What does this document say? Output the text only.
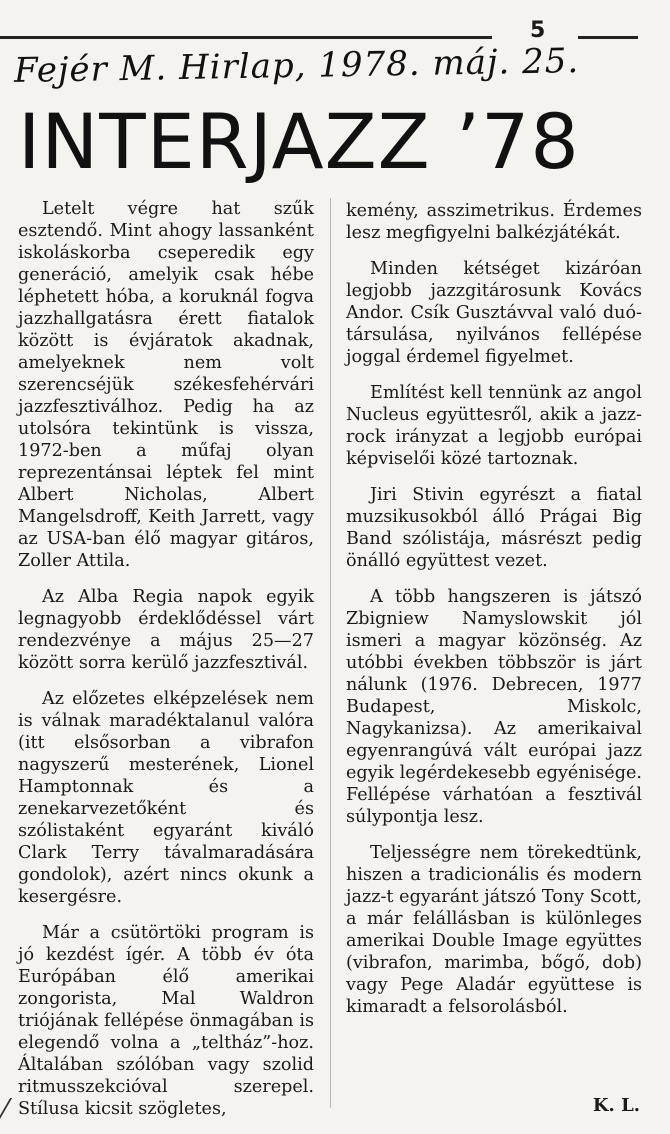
5
Fejér M. Hirlap, 1978. máj. 25.
INTERJAZZ ’78

Letelt végre hat szűk esztendő. Mint ahogy lassanként iskoláskorba cseperedik egy generáció, amelyik csak hébe léphetett hóba, a koruknál fogva jazzhallgatásra érett fiatalok között is évjáratok akadnak, amelyeknek nem volt szerencséjük székesfehérvári jazzfesztiválhoz. Pedig ha az utolsóra tekintünk is vissza, 1972-ben a műfaj olyan reprezentánsai léptek fel mint Albert Nicholas, Albert Mangelsdroff, Keith Jarrett, vagy az USA-ban élő magyar gitáros, Zoller Attila.

Az Alba Regia napok egyik legnagyobb érdeklődéssel várt rendezvénye a május 25—27 között sorra kerülő jazzfesztivál.

Az előzetes elképzelések nem is válnak maradéktalanul valóra (itt elsősorban a vibrafon nagyszerű mesterének, Lionel Hamptonnak és a zenekarvezetőként és szólistaként egyaránt kiváló Clark Terry távalmaradására gondolok), azért nincs okunk a kesergésre.

Már a csütörtöki program is jó kezdést ígér. A több év óta Európában élő amerikai zongorista, Mal Waldron triójának fellépése önmagában is elegendő volna a „teltház”-hoz. Általában szólóban vagy szolid ritmusszekcióval szerepel. Stílusa kicsit szögletes,

kemény, asszimetrikus. Érdemes lesz megfigyelni balkézjátékát.

Minden kétséget kizáróan legjobb jazzgitárosunk Kovács Andor. Csík Gusztávval való duó-társulása, nyilvános fellépése joggal érdemel figyelmet.

Említést kell tennünk az angol Nucleus együttesről, akik a jazz-rock irányzat a legjobb európai képviselői közé tartoznak.

Jiri Stivin egyrészt a fiatal muzsikusokból álló Prágai Big Band szólistája, másrészt pedig önálló együttest vezet.

A több hangszeren is játszó Zbigniew Namyslowskit jól ismeri a magyar közönség. Az utóbbi években többször is járt nálunk (1976. Debrecen, 1977 Budapest, Miskolc, Nagykanizsa). Az amerikaival egyenrangúvá vált európai jazz egyik legérdekesebb egyénisége. Fellépése várhatóan a fesztivál súlypontja lesz.

Teljességre nem törekedtünk, hiszen a tradicionális és modern jazz-t egyaránt játszó Tony Scott, a már felállásban is különleges amerikai Double Image együttes (vibrafon, marimba, bőgő, dob) vagy Pege Aladár együttese is kimaradt a felsorolásból.

K. L.
